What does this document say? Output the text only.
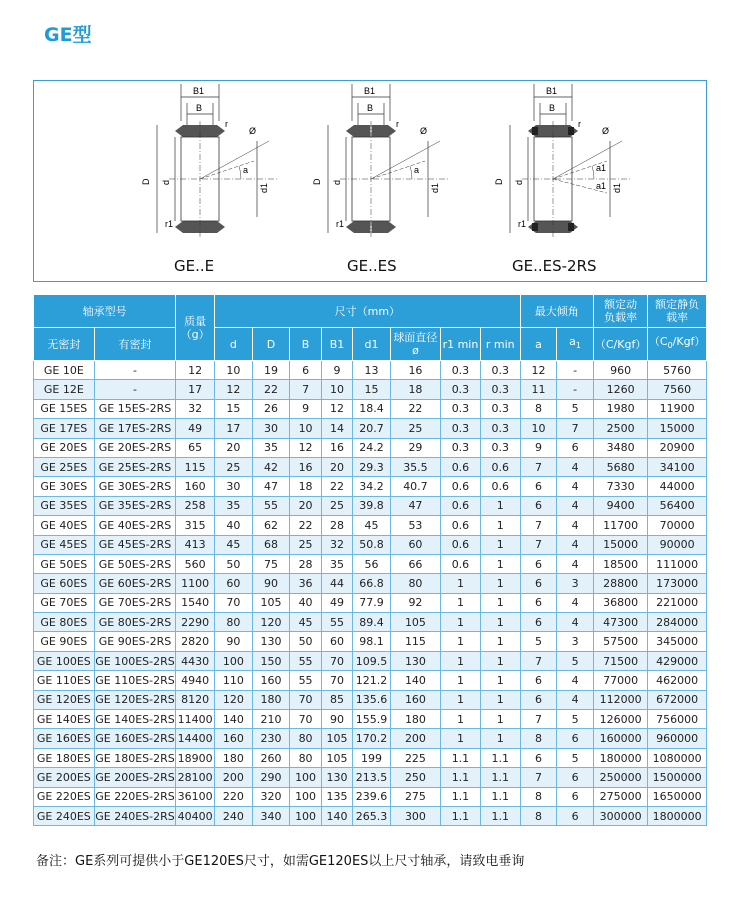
GE型
B1
B
a
Ø
r
D d
d1
r1
GE..E
B1
B
a
Ø
r
D d
d1
r1
GE..ES
B1
B
a1
a1
Ø
r
D d
d1
r1
GE..ES-2RS
轴承型号		质量
（g）	尺寸（mm）								最大倾角		额定动负载率	额定静负载率
无密封	有密封		d	D	B	B1	d1	球面直径ø	r1 min	r min	a	$a_1$	（C/Kgf）	$(C_0/Kgf)$
GE 10E	-	12	10	19	6	9	13	16	0.3	0.3	12	-	960	5760
GE 12E	-	17	12	22	7	10	15	18	0.3	0.3	11	-	1260	7560
GE 15ES	GE 15ES-2RS	32	15	26	9	12	18.4	22	0.3	0.3	8	5	1980	11900
GE 17ES	GE 17ES-2RS	49	17	30	10	14	20.7	25	0.3	0.3	10	7	2500	15000
GE 20ES	GE 20ES-2RS	65	20	35	12	16	24.2	29	0.3	0.3	9	6	3480	20900
GE 25ES	GE 25ES-2RS	115	25	42	16	20	29.3	35.5	0.6	0.6	7	4	5680	34100
GE 30ES	GE 30ES-2RS	160	30	47	18	22	34.2	40.7	0.6	0.6	6	4	7330	44000
GE 35ES	GE 35ES-2RS	258	35	55	20	25	39.8	47	0.6	1	6	4	9400	56400
GE 40ES	GE 40ES-2RS	315	40	62	22	28	45	53	0.6	1	7	4	11700	70000
GE 45ES	GE 45ES-2RS	413	45	68	25	32	50.8	60	0.6	1	7	4	15000	90000
GE 50ES	GE 50ES-2RS	560	50	75	28	35	56	66	0.6	1	6	4	18500	111000
GE 60ES	GE 60ES-2RS	1100	60	90	36	44	66.8	80	1	1	6	3	28800	173000
GE 70ES	GE 70ES-2RS	1540	70	105	40	49	77.9	92	1	1	6	4	36800	221000
GE 80ES	GE 80ES-2RS	2290	80	120	45	55	89.4	105	1	1	6	4	47300	284000
GE 90ES	GE 90ES-2RS	2820	90	130	50	60	98.1	115	1	1	5	3	57500	345000
GE 100ES	GE 100ES-2RS	4430	100	150	55	70	109.5	130	1	1	7	5	71500	429000
GE 110ES	GE 110ES-2RS	4940	110	160	55	70	121.2	140	1	1	6	4	77000	462000
GE 120ES	GE 120ES-2RS	8120	120	180	70	85	135.6	160	1	1	6	4	112000	672000
GE 140ES	GE 140ES-2RS	11400	140	210	70	90	155.9	180	1	1	7	5	126000	756000
GE 160ES	GE 160ES-2RS	14400	160	230	80	105	170.2	200	1	1	8	6	160000	960000
GE 180ES	GE 180ES-2RS	18900	180	260	80	105	199	225	1.1	1.1	6	5	180000	1080000
GE 200ES	GE 200ES-2RS	28100	200	290	100	130	213.5	250	1.1	1.1	7	6	250000	1500000
GE 220ES	GE 220ES-2RS	36100	220	320	100	135	239.6	275	1.1	1.1	8	6	275000	1650000
GE 240ES	GE 240ES-2RS	40400	240	340	100	140	265.3	300	1.1	1.1	8	6	300000	1800000
备注：GE系列可提供小于GE120ES尺寸，如需GE120ES以上尺寸轴承，请致电垂询
